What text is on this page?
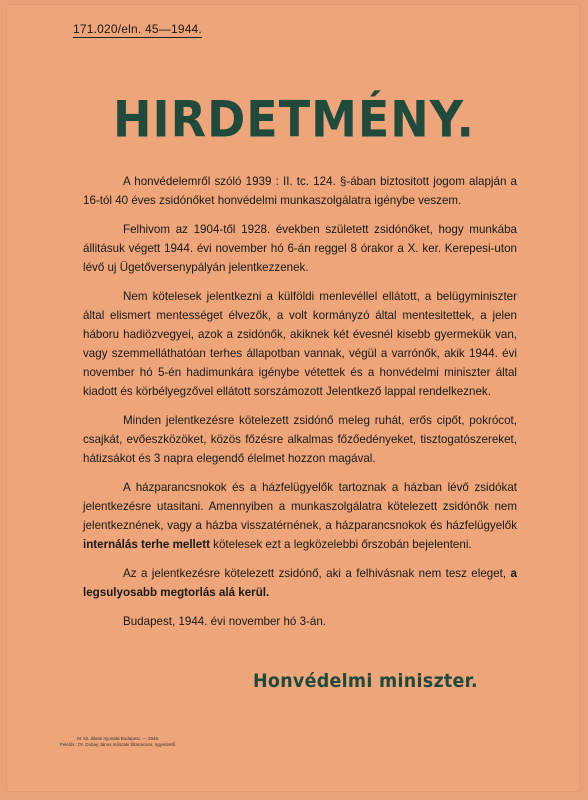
171.020/eln. 45—1944.
HIRDETMÉNY.

A honvédelemről szóló 1939 : II. tc. 124. §-ában biztositott jogom alapján a 16-tól 40 éves zsidónőket honvédelmi munkaszolgálatra igénybe veszem.

Felhivom az 1904-től 1928. években született zsidónőket, hogy munkába állitásuk végett 1944. évi november hó 6-án reggel 8 órakor a X. ker. Kerepesi-uton lévő uj Ügetőversenypályán jelentkezzenek.

Nem kötelesek jelentkezni a külföldi menlevéllel ellátott, a belügyminiszter által elismert mentességet élvezők, a volt kormányzó által mentesitettek, a jelen háboru hadiözvegyei, azok a zsidónők, akiknek két évesnél kisebb gyermekük van, vagy szemmelláthatóan terhes állapotban vannak, végül a varrónők, akik 1944. évi november hó 5-én hadimunkára igénybe vétettek és a honvédelmi miniszter által kiadott és körbélyegzővel ellátott sorszámozott Jelentkező lappal rendelkeznek.

Minden jelentkezésre kötelezett zsidónő meleg ruhát, erős cipőt, pokrócot, csajkát, evőeszközöket, közös főzésre alkalmas főzőedényeket, tisztogatószereket, hátizsákot és 3 napra elegendő élelmet hozzon magával.

A házparancsnokok és a házfelügyelők tartoznak a házban lévő zsidókat jelentkezésre utasitani. Amennyiben a munkaszolgálatra kötelezett zsidónők nem jelentkeznének, vagy a házba visszatérnének, a házparancsnokok és házfelügyelők internálás terhe mellett kötelesek ezt a legközelebbi őrszobán bejelenteni.

Az a jelentkezésre kötelezett zsidónő, aki a felhivásnak nem tesz eleget, a legsulyosabb megtorlás alá kerül.

Budapest, 1944. évi november hó 3-án.

Honvédelmi miniszter.
M. kir. állami nyomda Budapest. — 2848.
Felelős : Dr. Dobay János műszaki főtanácsos, ügyvezető.
